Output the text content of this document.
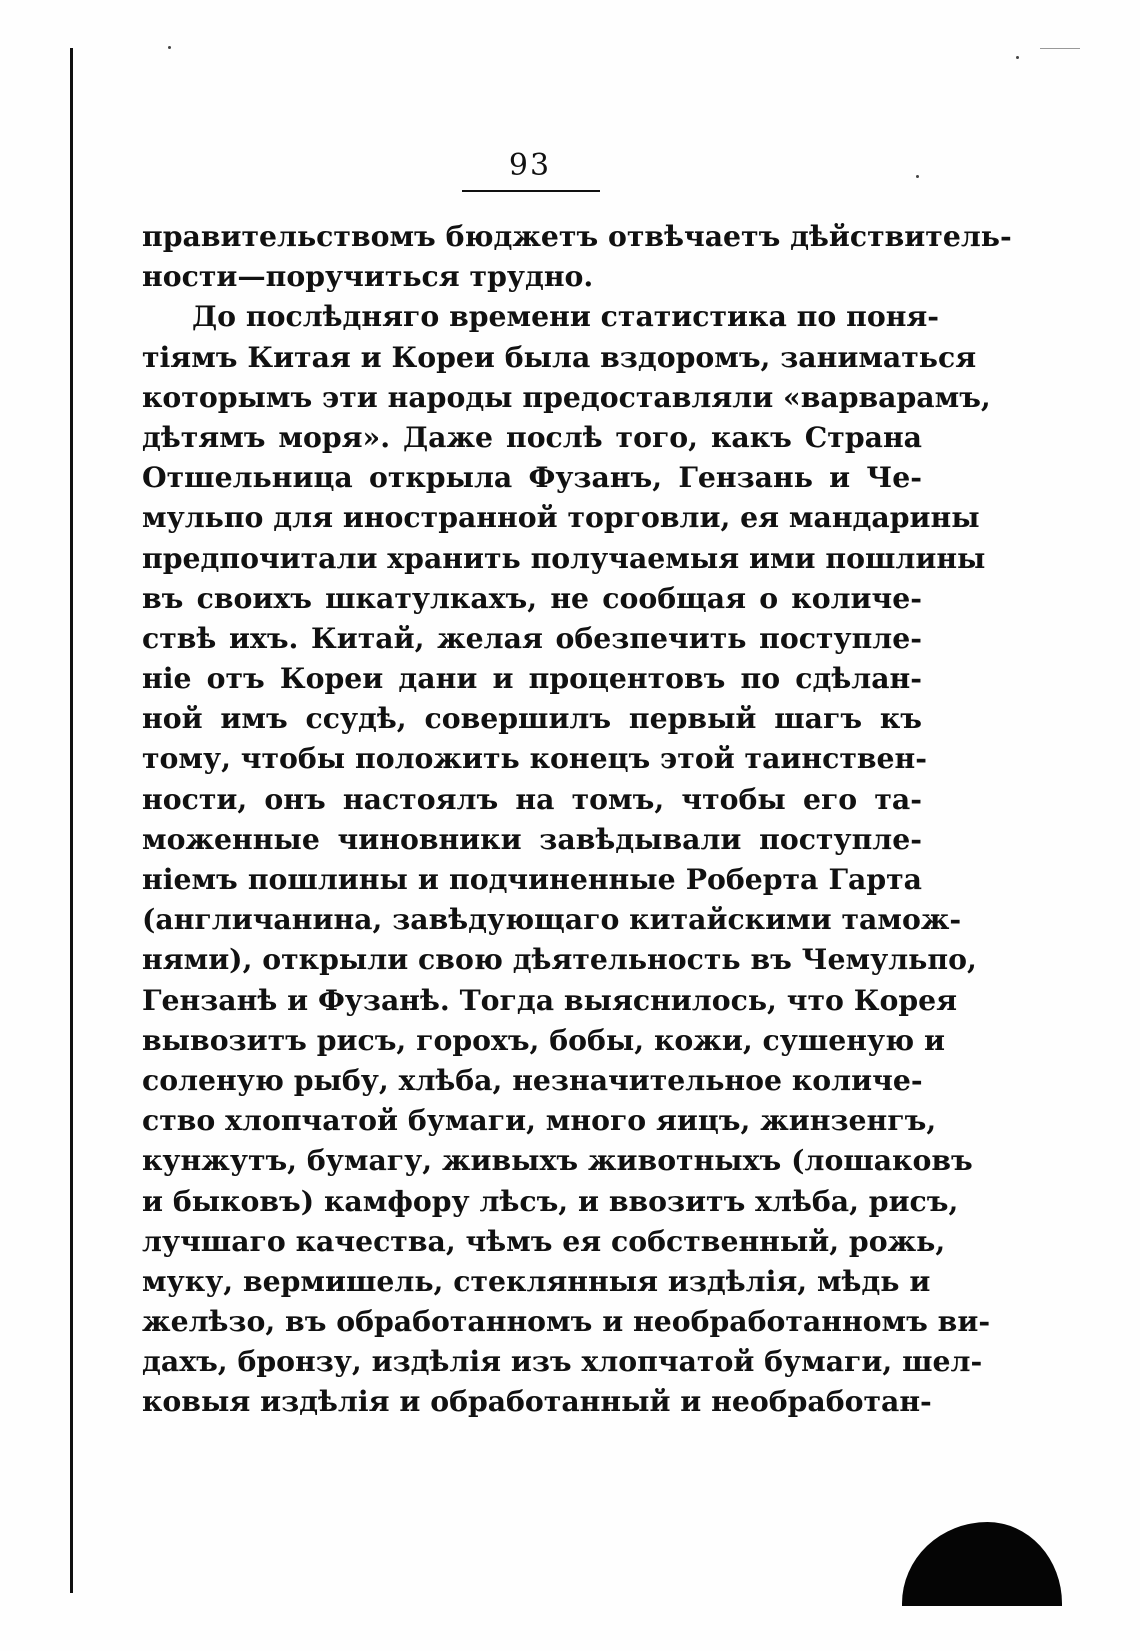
93
правительствомъ бюджетъ отвѣчаетъ дѣйствитель-
ности—поручиться трудно.
До послѣдняго времени статистика по поня-
тіямъ Китая и Кореи была вздоромъ, заниматься
которымъ эти народы предоставляли «варварамъ,
дѣтямъ моря». Даже послѣ того, какъ Страна
Отшельница открыла Фузанъ, Гензань и Че-
мульпо для иностранной торговли, ея мандарины
предпочитали хранить получаемыя ими пошлины
въ своихъ шкатулкахъ, не сообщая о количе-
ствѣ ихъ. Китай, желая обезпечить поступле-
ніе отъ Кореи дани и процентовъ по сдѣлан-
ной имъ ссудѣ, совершилъ первый шагъ къ
тому, чтобы положить конецъ этой таинствен-
ности, онъ настоялъ на томъ, чтобы его та-
моженные чиновники завѣдывали поступле-
ніемъ пошлины и подчиненные Роберта Гарта
(англичанина, завѣдующаго китайскими тамож-
нями), открыли свою дѣятельность въ Чемульпо,
Гензанѣ и Фузанѣ. Тогда выяснилось, что Корея
вывозитъ рисъ, горохъ, бобы, кожи, сушеную и
соленую рыбу, хлѣба, незначительное количе-
ство хлопчатой бумаги, много яицъ, жинзенгъ,
кунжутъ, бумагу, живыхъ животныхъ (лошаковъ
и быковъ) камфору лѣсъ, и ввозитъ хлѣба, рисъ,
лучшаго качества, чѣмъ ея собственный, рожь,
муку, вермишель, стеклянныя издѣлія, мѣдь и
желѣзо, въ обработанномъ и необработанномъ ви-
дахъ, бронзу, издѣлія изъ хлопчатой бумаги, шел-
ковыя издѣлія и обработанный и необработан-
